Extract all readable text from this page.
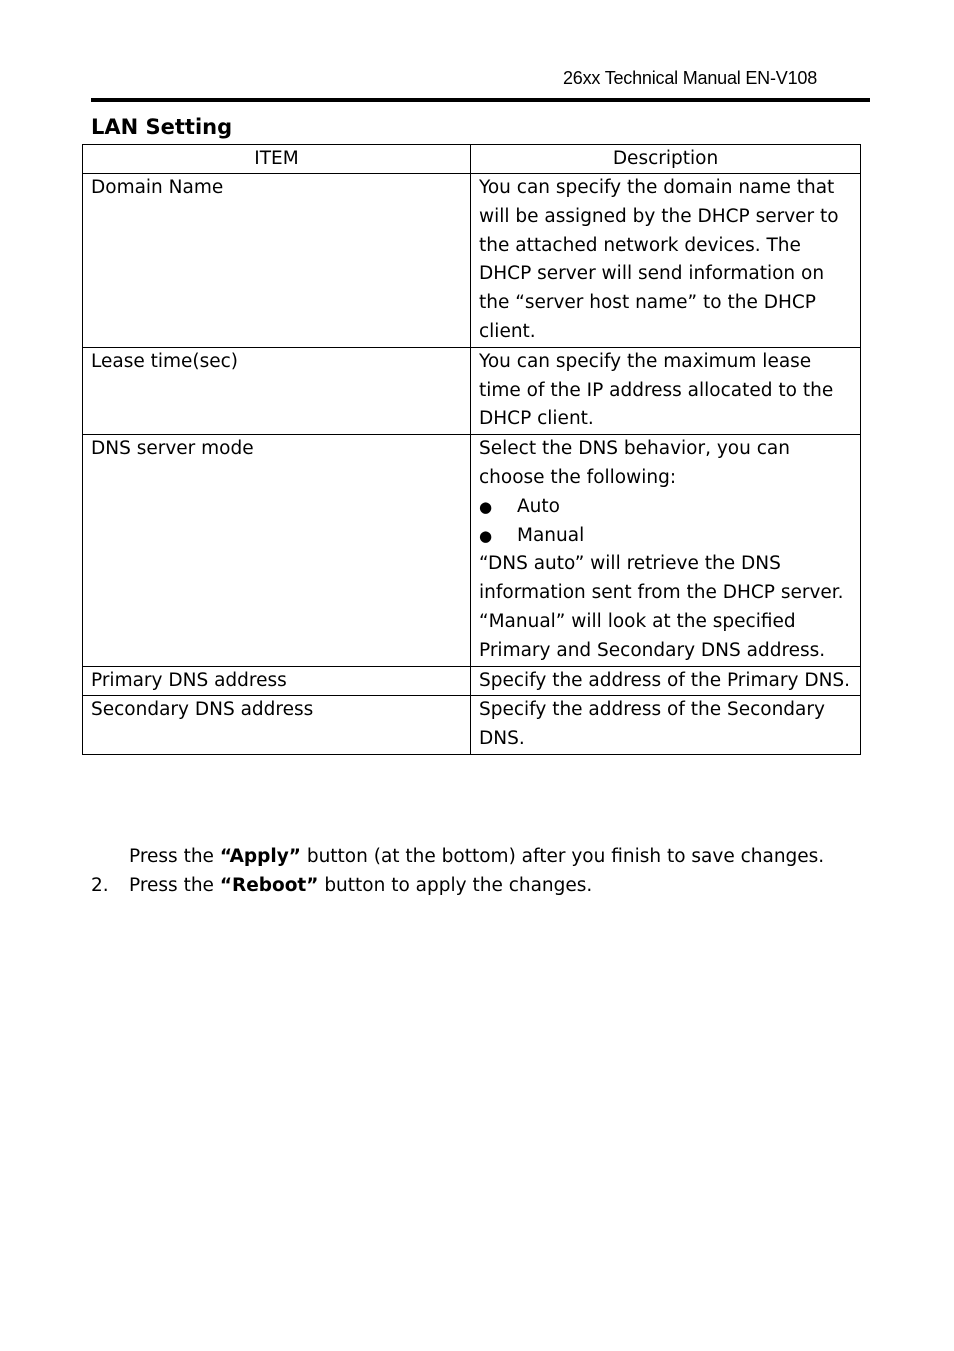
26xx Technical Manual EN-V108
LAN Setting
ITEM	Description
Domain Name	You can specify the domain name that will be assigned by the DHCP server to the attached network devices. The DHCP server will send information on the “server host name” to the DHCP client.
Lease time(sec)	You can specify the maximum lease time of the IP address allocated to the DHCP client.
DNS server mode	Select the DNS behavior, you can choose the following:
● Auto
● Manual
“DNS auto” will retrieve the DNS information sent from the DHCP server.
“Manual” will look at the specified Primary and Secondary DNS address.

Primary DNS address	Specify the address of the Primary DNS.
Secondary DNS address	Specify the address of the Secondary DNS.
Press the “Apply” button (at the bottom) after you finish to save changes.
2. Press the “Reboot” button to apply the changes.
